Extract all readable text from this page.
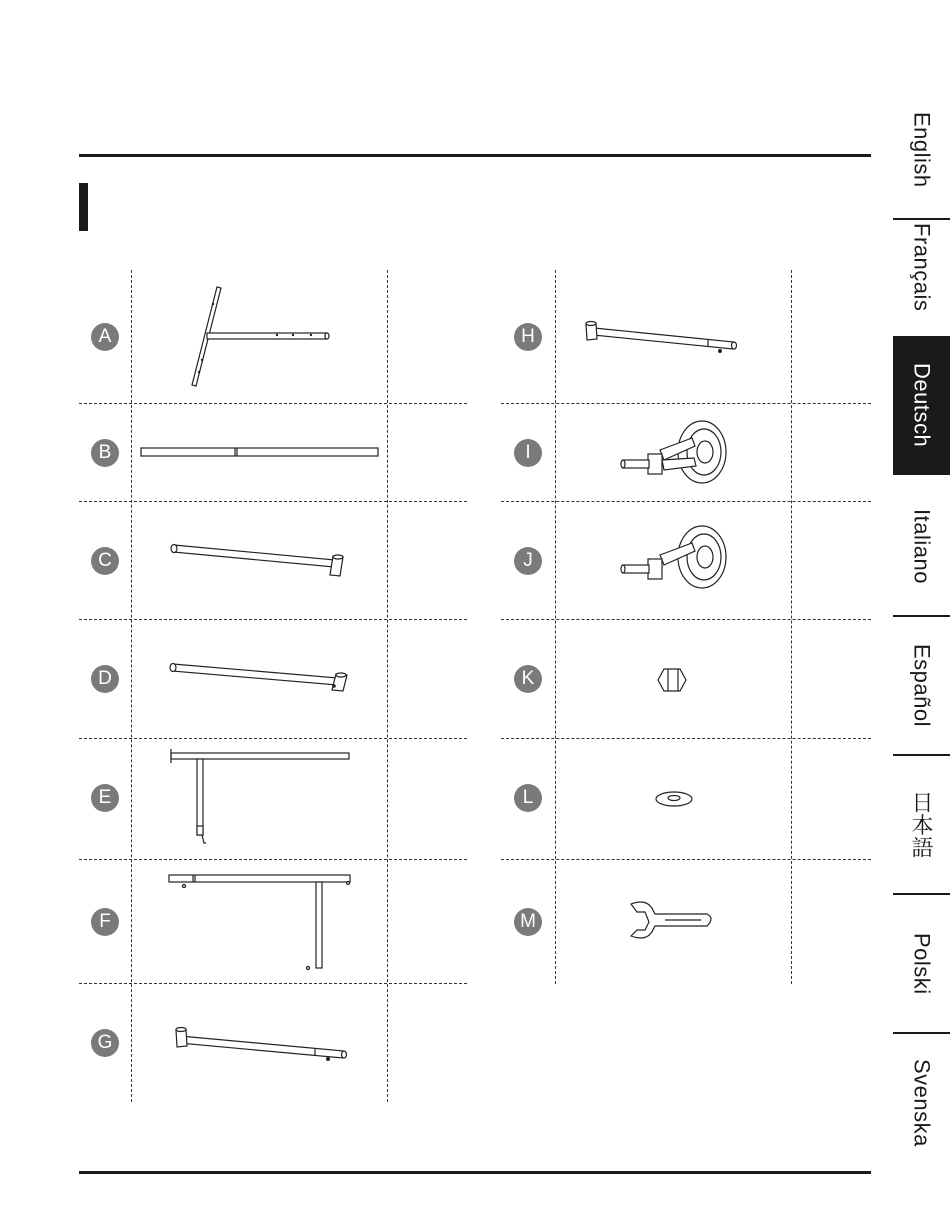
English
Français
Deutsch
Italiano
Español
日本語
Polski
Svenska
A
B
C
D
E
F
G
H
I
J
K
L
M
